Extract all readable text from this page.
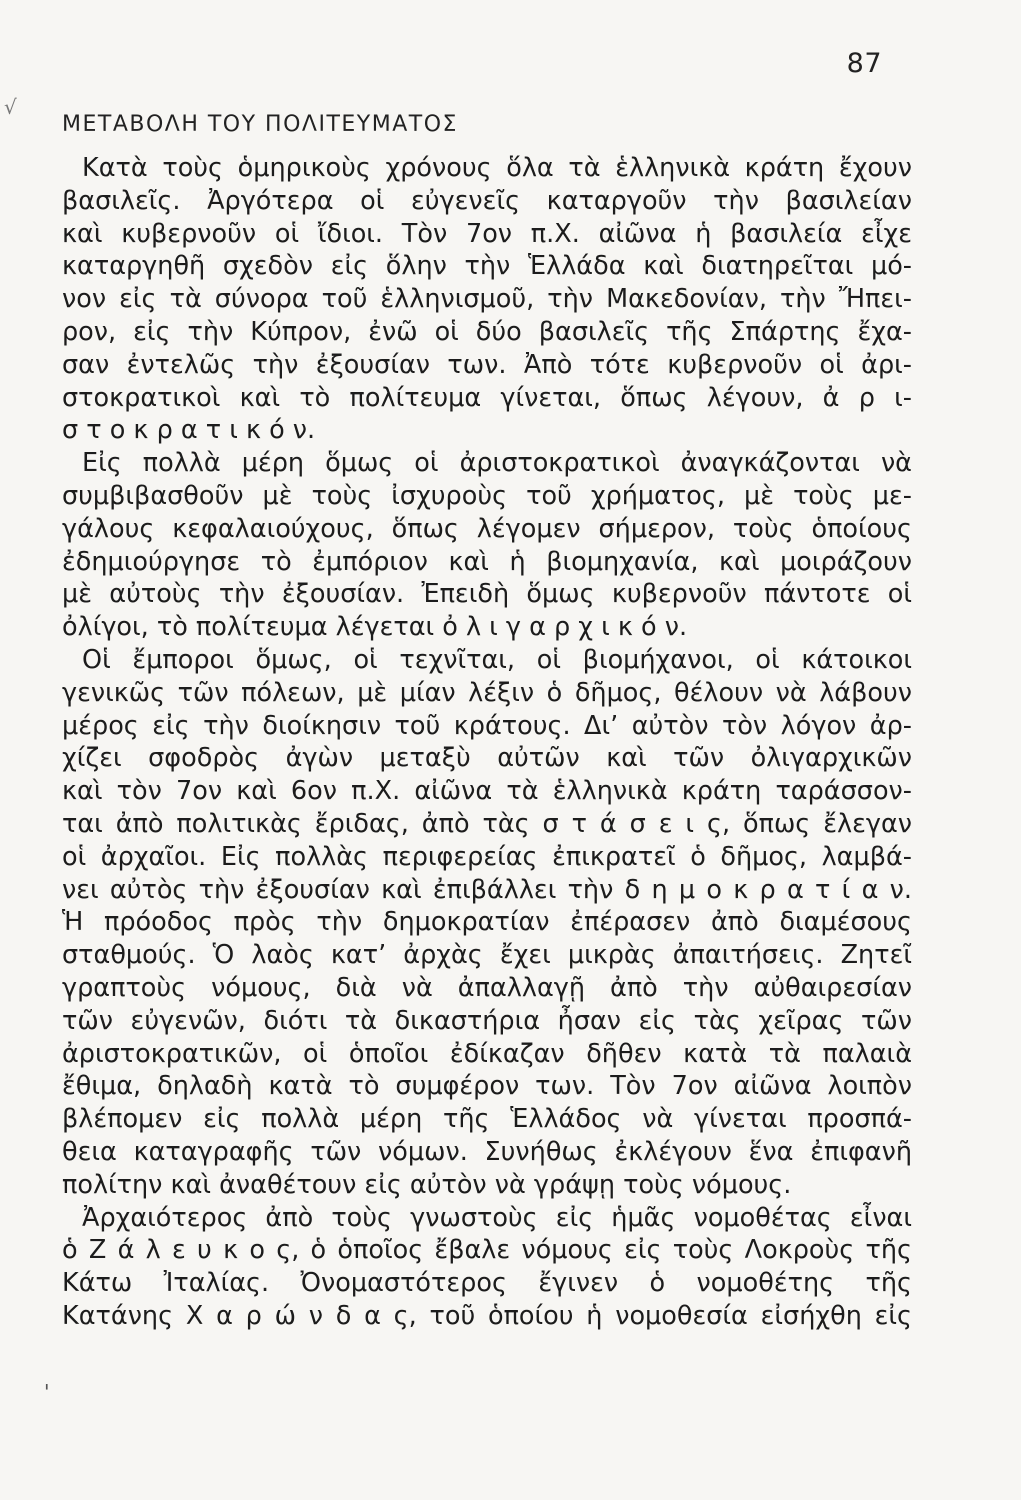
87
√
ΜΕΤΑΒΟΛΗ ΤΟΥ ΠΟΛΙΤΕΥΜΑΤΟΣ
Κατὰ τοὺς ὁμηρικοὺς χρόνους ὅλα τὰ ἑλληνικὰ κράτη ἔχουν
βασιλεῖς. Ἀργότερα οἱ εὐγενεῖς καταργοῦν τὴν βασιλείαν
καὶ κυβερνοῦν οἱ ἴδιοι. Τὸν 7ον π.Χ. αἰῶνα ἡ βασιλεία εἶχε
καταργηθῆ σχεδὸν εἰς ὅλην τὴν Ἑλλάδα καὶ διατηρεῖται μό-
νον εἰς τὰ σύνορα τοῦ ἑλληνισμοῦ, τὴν Μακεδονίαν, τὴν Ἤπει-
ρον, εἰς τὴν Κύπρον, ἐνῶ οἱ δύο βασιλεῖς τῆς Σπάρτης ἔχα-
σαν ἐντελῶς τὴν ἐξουσίαν των. Ἀπὸ τότε κυβερνοῦν οἱ ἀρι-
στοκρατικοὶ καὶ τὸ πολίτευμα γίνεται, ὅπως λέγουν, ἀ ρ ι-
σ τ ο κ ρ α τ ι κ ό ν.
Εἰς πολλὰ μέρη ὅμως οἱ ἀριστοκρατικοὶ ἀναγκάζονται νὰ
συμβιβασθοῦν μὲ τοὺς ἰσχυροὺς τοῦ χρήματος, μὲ τοὺς με-
γάλους κεφαλαιούχους, ὅπως λέγομεν σήμερον, τοὺς ὁποίους
ἐδημιούργησε τὸ ἐμπόριον καὶ ἡ βιομηχανία, καὶ μοιράζουν
μὲ αὐτοὺς τὴν ἐξουσίαν. Ἐπειδὴ ὅμως κυβερνοῦν πάντοτε οἱ
ὀλίγοι, τὸ πολίτευμα λέγεται ὀ λ ι γ α ρ χ ι κ ό ν.
Οἱ ἔμποροι ὅμως, οἱ τεχνῖται, οἱ βιομήχανοι, οἱ κάτοικοι
γενικῶς τῶν πόλεων, μὲ μίαν λέξιν ὁ δῆμος, θέλουν νὰ λάβουν
μέρος εἰς τὴν διοίκησιν τοῦ κράτους. Δι’ αὐτὸν τὸν λόγον ἀρ-
χίζει σφοδρὸς ἀγὼν μεταξὺ αὐτῶν καὶ τῶν ὀλιγαρχικῶν
καὶ τὸν 7ον καὶ 6ον π.Χ. αἰῶνα τὰ ἑλληνικὰ κράτη ταράσσον-
ται ἀπὸ πολιτικὰς ἔριδας, ἀπὸ τὰς σ τ ά σ ε ι ς, ὅπως ἔλεγαν
οἱ ἀρχαῖοι. Εἰς πολλὰς περιφερείας ἐπικρατεῖ ὁ δῆμος, λαμβά-
νει αὐτὸς τὴν ἐξουσίαν καὶ ἐπιβάλλει τὴν δ η μ ο κ ρ α τ ί α ν.
Ἡ πρόοδος πρὸς τὴν δημοκρατίαν ἐπέρασεν ἀπὸ διαμέσους
σταθμούς. Ὁ λαὸς κατ’ ἀρχὰς ἔχει μικρὰς ἀπαιτήσεις. Ζητεῖ
γραπτοὺς νόμους, διὰ νὰ ἀπαλλαγῇ ἀπὸ τὴν αὐθαιρεσίαν
τῶν εὐγενῶν, διότι τὰ δικαστήρια ἦσαν εἰς τὰς χεῖρας τῶν
ἀριστοκρατικῶν, οἱ ὁποῖοι ἐδίκαζαν δῆθεν κατὰ τὰ παλαιὰ
ἔθιμα, δηλαδὴ κατὰ τὸ συμφέρον των. Τὸν 7ον αἰῶνα λοιπὸν
βλέπομεν εἰς πολλὰ μέρη τῆς Ἑλλάδος νὰ γίνεται προσπά-
θεια καταγραφῆς τῶν νόμων. Συνήθως ἐκλέγουν ἕνα ἐπιφανῆ
πολίτην καὶ ἀναθέτουν εἰς αὐτὸν νὰ γράψῃ τοὺς νόμους.
Ἀρχαιότερος ἀπὸ τοὺς γνωστοὺς εἰς ἡμᾶς νομοθέτας εἶναι
ὁ Ζ ά λ ε υ κ ο ς, ὁ ὁποῖος ἔβαλε νόμους εἰς τοὺς Λοκροὺς τῆς
Κάτω Ἰταλίας. Ὀνομαστότερος ἔγινεν ὁ νομοθέτης τῆς
Κατάνης Χ α ρ ώ ν δ α ς, τοῦ ὁποίου ἡ νομοθεσία εἰσήχθη εἰς
'
